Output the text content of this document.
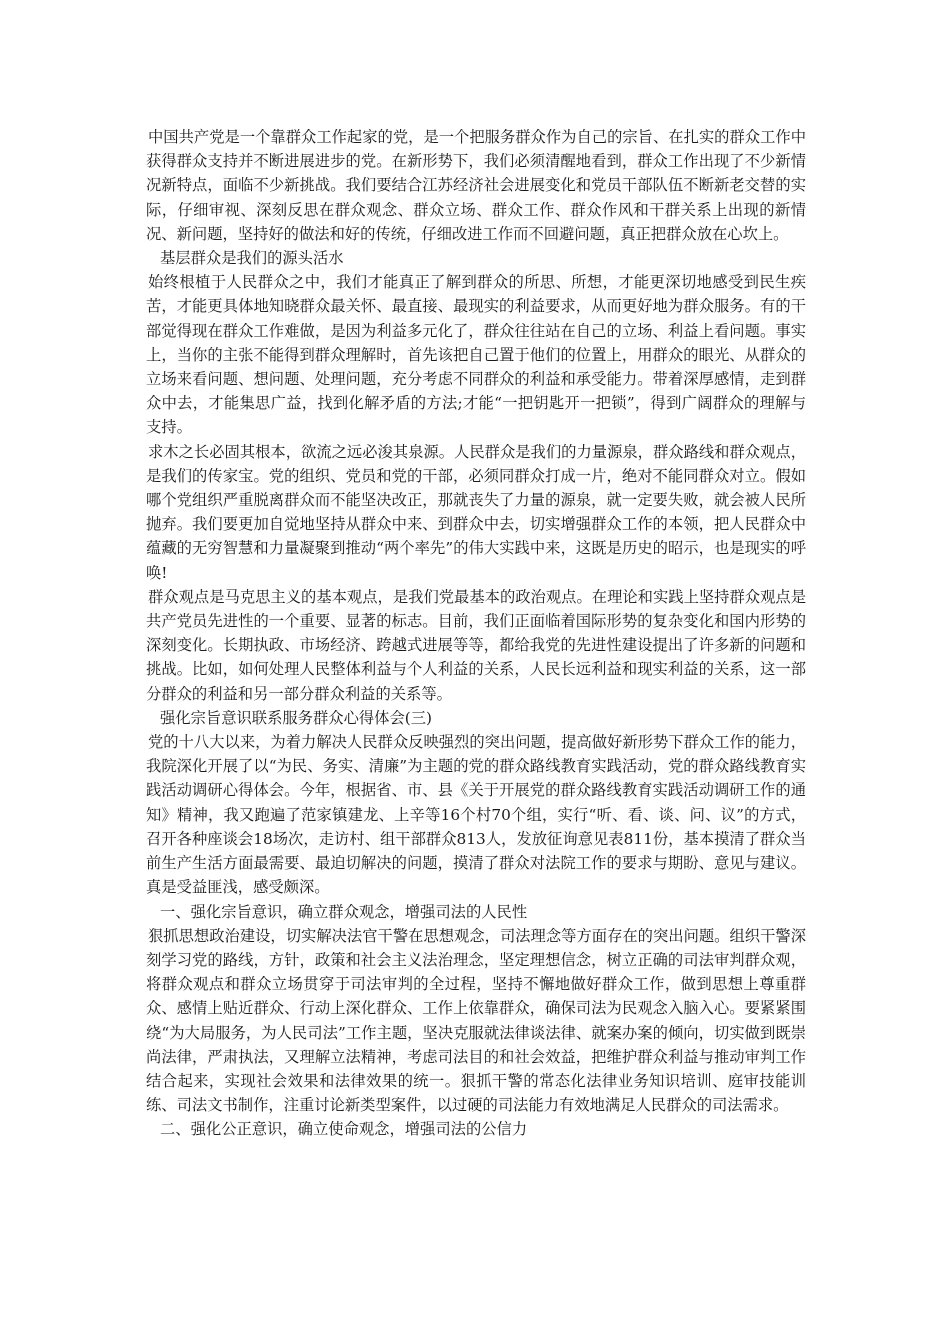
中国共产党是一个靠群众工作起家的党，是一个把服务群众作为自己的宗旨、在扎实的群众工作中获得群众支持并不断进展进步的党。在新形势下，我们必须清醒地看到，群众工作出现了不少新情况新特点，面临不少新挑战。我们要结合江苏经济社会进展变化和党员干部队伍不断新老交替的实际，仔细审视、深刻反思在群众观念、群众立场、群众工作、群众作风和干群关系上出现的新情况、新问题，坚持好的做法和好的传统，仔细改进工作而不回避问题，真正把群众放在心坎上。

基层群众是我们的源头活水

始终根植于人民群众之中，我们才能真正了解到群众的所思、所想，才能更深切地感受到民生疾苦，才能更具体地知晓群众最关怀、最直接、最现实的利益要求，从而更好地为群众服务。有的干部觉得现在群众工作难做，是因为利益多元化了，群众往往站在自己的立场、利益上看问题。事实上，当你的主张不能得到群众理解时，首先该把自己置于他们的位置上，用群众的眼光、从群众的立场来看问题、想问题、处理问题，充分考虑不同群众的利益和承受能力。带着深厚感情，走到群众中去，才能集思广益，找到化解矛盾的方法;才能“一把钥匙开一把锁”，得到广阔群众的理解与支持。

求木之长必固其根本，欲流之远必浚其泉源。人民群众是我们的力量源泉，群众路线和群众观点，是我们的传家宝。党的组织、党员和党的干部，必须同群众打成一片，绝对不能同群众对立。假如哪个党组织严重脱离群众而不能坚决改正，那就丧失了力量的源泉，就一定要失败，就会被人民所抛弃。我们要更加自觉地坚持从群众中来、到群众中去，切实增强群众工作的本领，把人民群众中蕴藏的无穷智慧和力量凝聚到推动“两个率先”的伟大实践中来，这既是历史的昭示，也是现实的呼唤!

群众观点是马克思主义的基本观点，是我们党最基本的政治观点。在理论和实践上坚持群众观点是共产党员先进性的一个重要、显著的标志。目前，我们正面临着国际形势的复杂变化和国内形势的深刻变化。长期执政、市场经济、跨越式进展等等，都给我党的先进性建设提出了许多新的问题和挑战。比如，如何处理人民整体利益与个人利益的关系，人民长远利益和现实利益的关系，这一部分群众的利益和另一部分群众利益的关系等。

强化宗旨意识联系服务群众心得体会(三)

党的十八大以来，为着力解决人民群众反映强烈的突出问题，提高做好新形势下群众工作的能力，我院深化开展了以“为民、务实、清廉”为主题的党的群众路线教育实践活动，党的群众路线教育实践活动调研心得体会。今年，根据省、市、县《关于开展党的群众路线教育实践活动调研工作的通知》精神，我又跑遍了范家镇建龙、上辛等16个村70个组，实行“听、看、谈、问、议”的方式，召开各种座谈会18场次，走访村、组干部群众813人，发放征询意见表811份，基本摸清了群众当前生产生活方面最需要、最迫切解决的问题，摸清了群众对法院工作的要求与期盼、意见与建议。真是受益匪浅，感受颇深。

一、强化宗旨意识，确立群众观念，增强司法的人民性

狠抓思想政治建设，切实解决法官干警在思想观念，司法理念等方面存在的突出问题。组织干警深刻学习党的路线，方针，政策和社会主义法治理念，坚定理想信念，树立正确的司法审判群众观，将群众观点和群众立场贯穿于司法审判的全过程，坚持不懈地做好群众工作，做到思想上尊重群众、感情上贴近群众、行动上深化群众、工作上依靠群众，确保司法为民观念入脑入心。要紧紧围绕“为大局服务，为人民司法”工作主题，坚决克服就法律谈法律、就案办案的倾向，切实做到既崇尚法律，严肃执法，又理解立法精神，考虑司法目的和社会效益，把维护群众利益与推动审判工作结合起来，实现社会效果和法律效果的统一。狠抓干警的常态化法律业务知识培训、庭审技能训练、司法文书制作，注重讨论新类型案件，以过硬的司法能力有效地满足人民群众的司法需求。

二、强化公正意识，确立使命观念，增强司法的公信力
